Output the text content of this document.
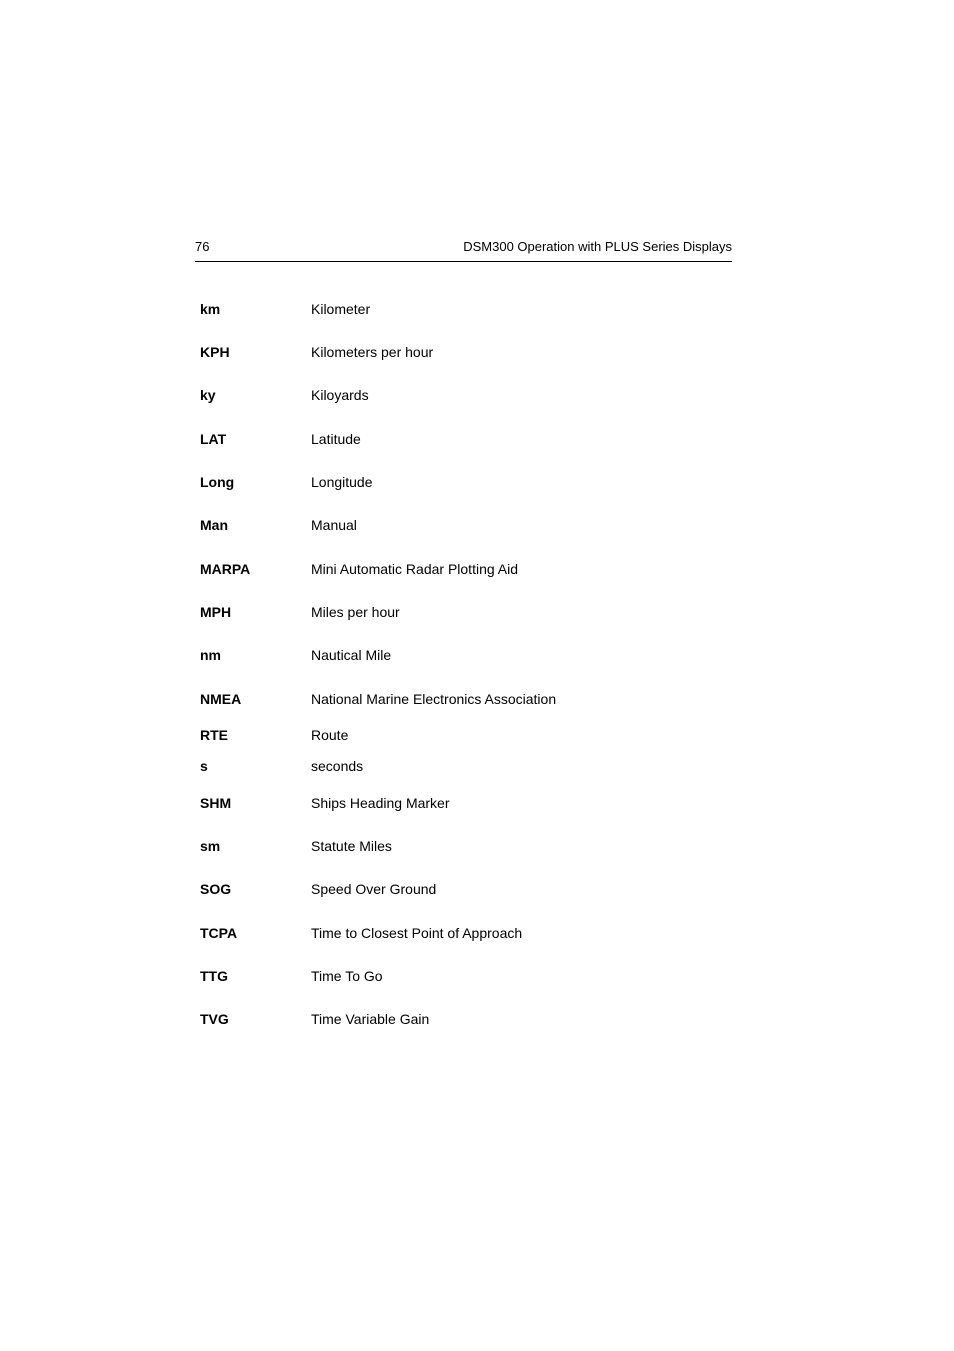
76	DSM300 Operation with PLUS Series Displays
km	Kilometer
KPH	Kilometers per hour
ky	Kiloyards
LAT	Latitude
Long	Longitude
Man	Manual
MARPA	Mini Automatic Radar Plotting Aid
MPH	Miles per hour
nm	Nautical Mile
NMEA	National Marine Electronics Association
RTE	Route
s	seconds
SHM	Ships Heading Marker
sm	Statute Miles
SOG	Speed Over Ground
TCPA	Time to Closest Point of Approach
TTG	Time To Go
TVG	Time Variable Gain
